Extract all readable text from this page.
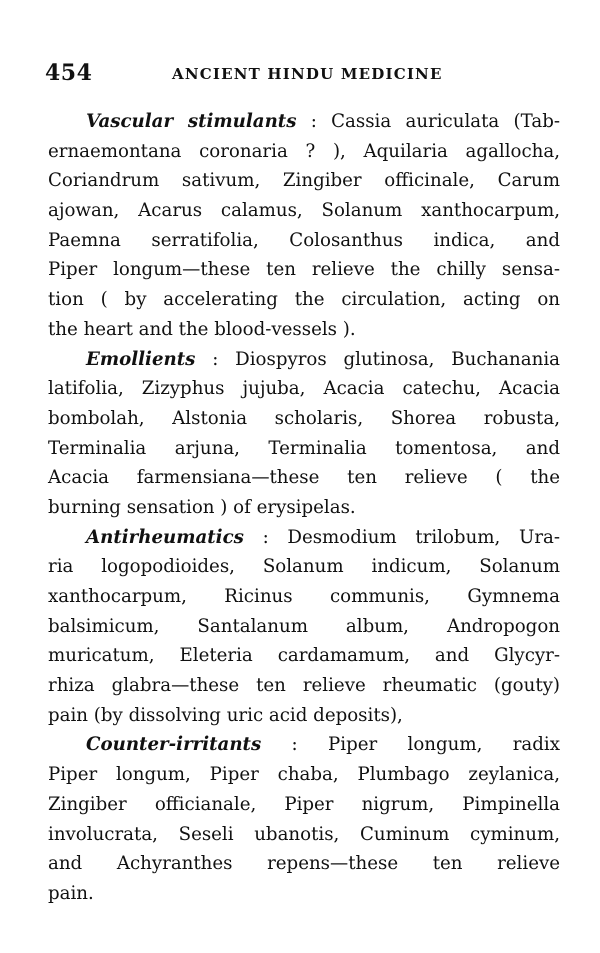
454	ANCIENT HINDU MEDICINE
Vascular stimulants : Cassia auriculata (Tab-
ernaemontana coronaria ? ), Aquilaria agallocha,
Coriandrum sativum, Zingiber officinale, Carum
ajowan, Acarus calamus, Solanum xanthocarpum,
Paemna serratifolia, Colosanthus indica, and
Piper longum—these ten relieve the chilly sensa-
tion ( by accelerating the circulation, acting on
the heart and the blood-vessels ).
Emollients : Diospyros glutinosa, Buchanania
latifolia, Zizyphus jujuba, Acacia catechu, Acacia
bombolah, Alstonia scholaris, Shorea robusta,
Terminalia arjuna, Terminalia tomentosa, and
Acacia farmensiana—these ten relieve ( the
burning sensation ) of erysipelas.
Antirheumatics : Desmodium trilobum, Ura-
ria logopodioides, Solanum indicum, Solanum
xanthocarpum, Ricinus communis, Gymnema
balsimicum, Santalanum album, Andropogon
muricatum, Eleteria cardamamum, and Glycyr-
rhiza glabra—these ten relieve rheumatic (gouty)
pain (by dissolving uric acid deposits),
Counter-irritants : Piper longum, radix
Piper longum, Piper chaba, Plumbago zeylanica,
Zingiber officianale, Piper nigrum, Pimpinella
involucrata, Seseli ubanotis, Cuminum cyminum,
and Achyranthes repens—these ten relieve
pain.
